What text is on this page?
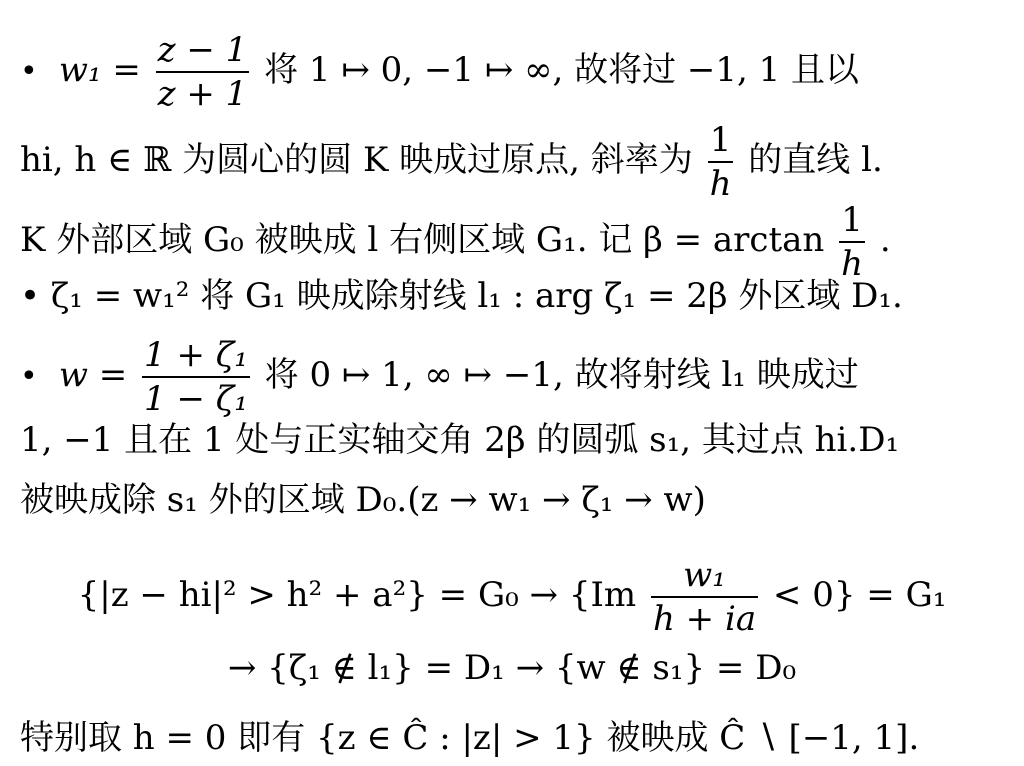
• $w_1 = \frac{z - 1}{z + 1}$ 将 1 ↦ 0, −1 ↦ ∞, 故将过 −1, 1 且以
hi, h ∈ ℝ 为圆心的圆 K 映成过原点, 斜率为 $\frac{1}{h}$ 的直线 l.
K 外部区域 G₀ 被映成 l 右侧区域 G₁. 记 $\beta = \arctan \frac{1}{h}$ .
• ζ₁ = w₁² 将 G₁ 映成除射线 l₁ : arg ζ₁ = 2β 外区域 D₁.
• $w = \frac{\text{1 + ζ₁}}{\text{1 − ζ₁}}$ 将 0 ↦ 1, ∞ ↦ −1, 故将射线 l₁ 映成过
1, −1 且在 1 处与正实轴交角 2β 的圆弧 s₁, 其过点 hi.D₁
被映成除 s₁ 外的区域 D₀.(z → w₁ → ζ₁ → w)
$\{|z - hi|^2 > h^2 + a^2\} = G_0 \to \{Im \frac{\text{w₁}}{h + ia} < 0\} = G_1$
→ {ζ₁ ∉ l₁} = D₁ → {w ∉ s₁} = D₀
特别取 h = 0 即有 {z ∈ Ĉ : |z| > 1} 被映成 Ĉ ∖ [−1, 1].
